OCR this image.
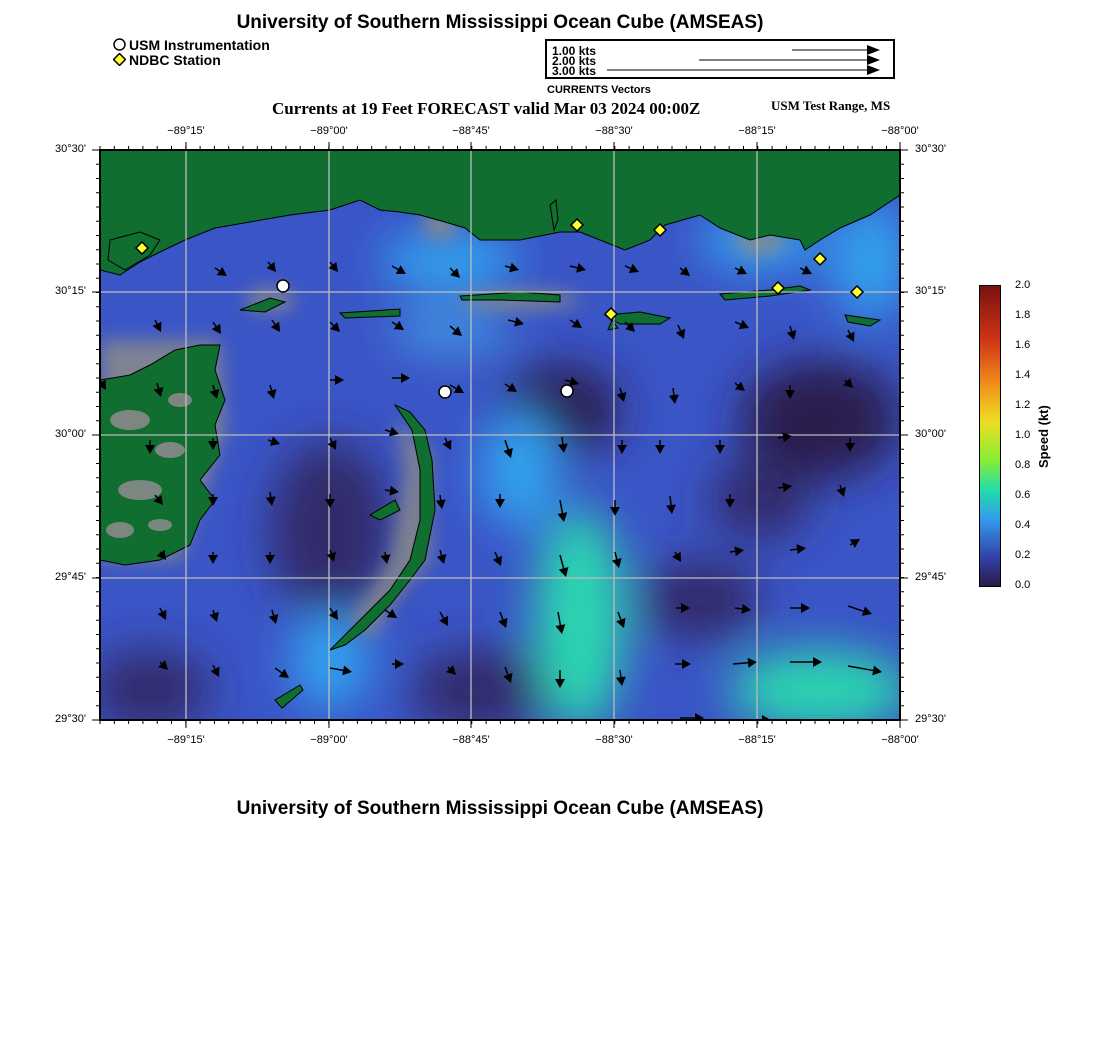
University of Southern Mississippi Ocean Cube (AMSEAS)
USM Instrumentation
NDBC Station
1.00 kts
2.00 kts
3.00 kts
CURRENTS Vectors
Currents at 19 Feet FORECAST valid Mar 03 2024 00:00Z	USM Test Range, MS
Speed (kt)
University of Southern Mississippi Ocean Cube (AMSEAS)
−89°15'
−89°15'
−89°00'
−89°00'
−88°45'
−88°45'
−88°30'
−88°30'
−88°15'
−88°15'
−88°00'
−88°00'
30°30'	30°30'
30°15'	30°15'
30°00'	30°00'
29°45'	29°45'
29°30'	29°30'
2.0
1.8
1.6
1.4
1.2
1.0
0.8
0.6
0.4
0.2
0.0
